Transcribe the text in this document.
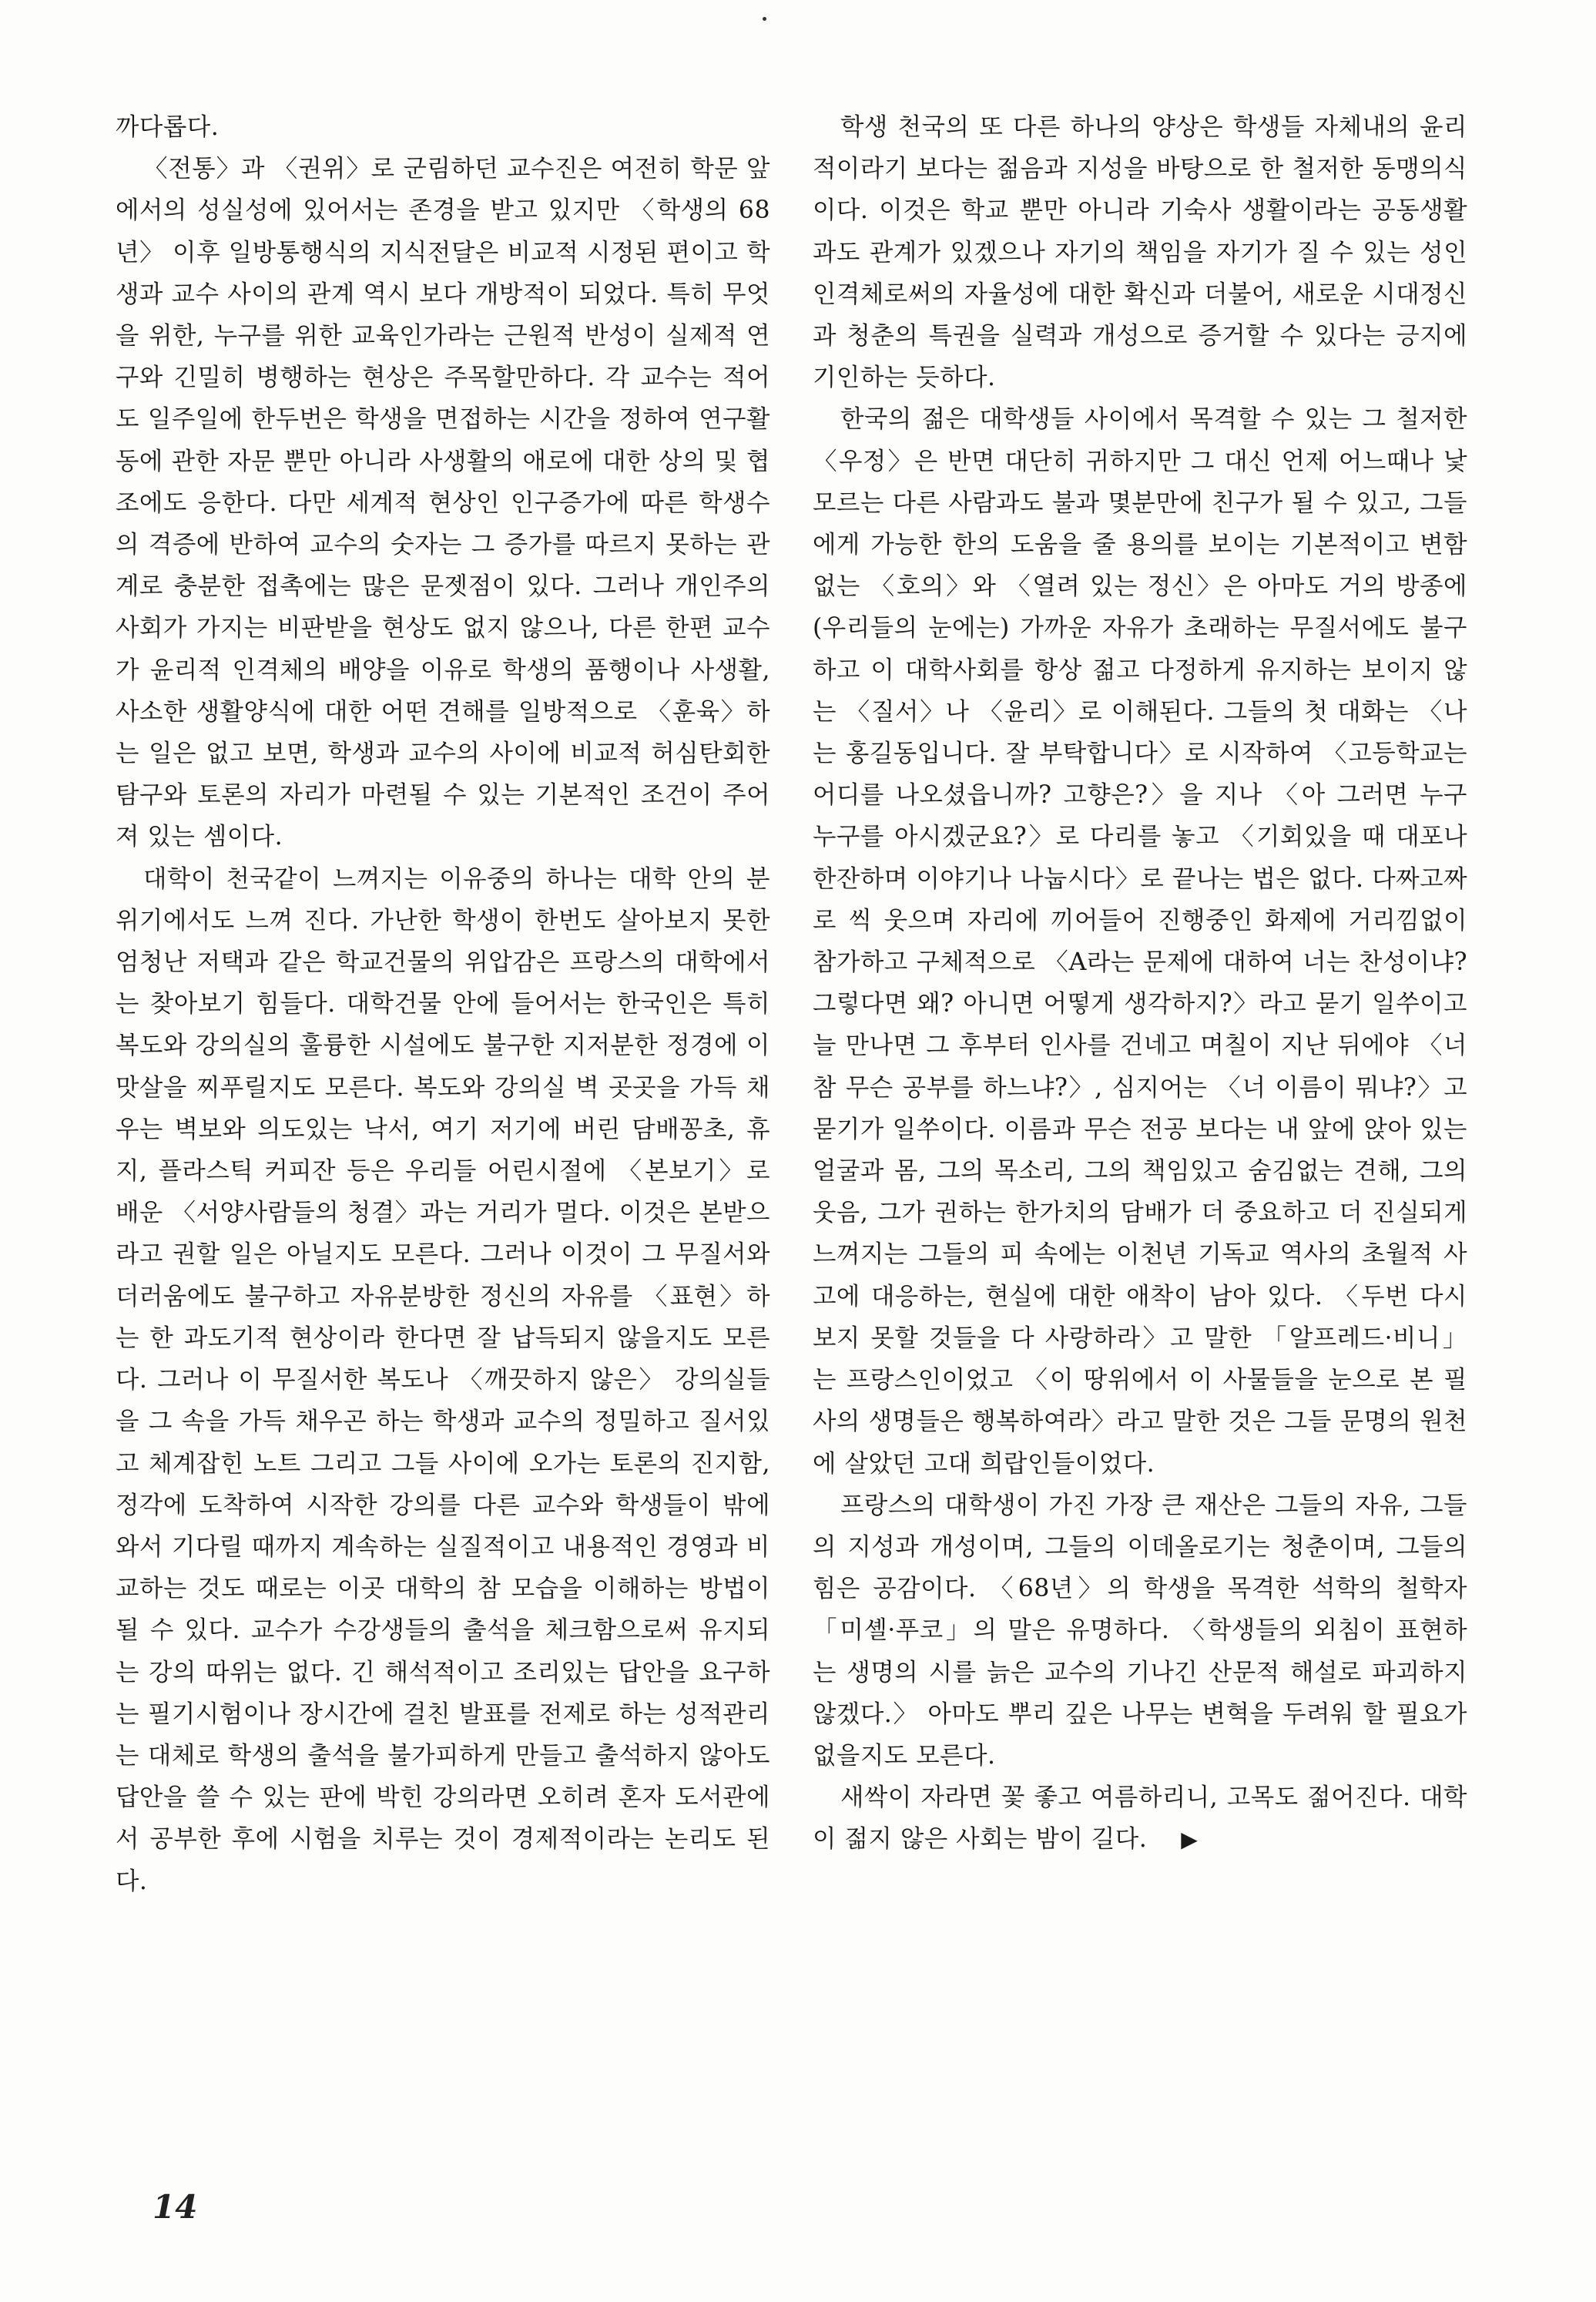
까다롭다.

〈전통〉과 〈권위〉로 군림하던 교수진은 여전히 학문 앞에서의 성실성에 있어서는 존경을 받고 있지만 〈학생의 68년〉 이후 일방통행식의 지식전달은 비교적 시정된 편이고 학생과 교수 사이의 관계 역시 보다 개방적이 되었다. 특히 무엇을 위한, 누구를 위한 교육인가라는 근원적 반성이 실제적 연구와 긴밀히 병행하는 현상은 주목할만하다. 각 교수는 적어도 일주일에 한두번은 학생을 면접하는 시간을 정하여 연구활동에 관한 자문 뿐만 아니라 사생활의 애로에 대한 상의 및 협조에도 응한다. 다만 세계적 현상인 인구증가에 따른 학생수의 격증에 반하여 교수의 숫자는 그 증가를 따르지 못하는 관계로 충분한 접촉에는 많은 문젯점이 있다. 그러나 개인주의 사회가 가지는 비판받을 현상도 없지 않으나, 다른 한편 교수가 윤리적 인격체의 배양을 이유로 학생의 품행이나 사생활, 사소한 생활양식에 대한 어떤 견해를 일방적으로 〈훈육〉하는 일은 없고 보면, 학생과 교수의 사이에 비교적 허심탄회한 탐구와 토론의 자리가 마련될 수 있는 기본적인 조건이 주어져 있는 셈이다.

대학이 천국같이 느껴지는 이유중의 하나는 대학 안의 분위기에서도 느껴 진다. 가난한 학생이 한번도 살아보지 못한 엄청난 저택과 같은 학교건물의 위압감은 프랑스의 대학에서는 찾아보기 힘들다. 대학건물 안에 들어서는 한국인은 특히 복도와 강의실의 훌륭한 시설에도 불구한 지저분한 정경에 이맛살을 찌푸릴지도 모른다. 복도와 강의실 벽 곳곳을 가득 채우는 벽보와 의도있는 낙서, 여기 저기에 버린 담배꽁초, 휴지, 플라스틱 커피잔 등은 우리들 어린시절에 〈본보기〉로 배운 〈서양사람들의 청결〉과는 거리가 멀다. 이것은 본받으라고 권할 일은 아닐지도 모른다. 그러나 이것이 그 무질서와 더러움에도 불구하고 자유분방한 정신의 자유를 〈표현〉하는 한 과도기적 현상이라 한다면 잘 납득되지 않을지도 모른다. 그러나 이 무질서한 복도나 〈깨끗하지 않은〉 강의실들을 그 속을 가득 채우곤 하는 학생과 교수의 정밀하고 질서있고 체계잡힌 노트 그리고 그들 사이에 오가는 토론의 진지함, 정각에 도착하여 시작한 강의를 다른 교수와 학생들이 밖에 와서 기다릴 때까지 계속하는 실질적이고 내용적인 경영과 비교하는 것도 때로는 이곳 대학의 참 모습을 이해하는 방법이 될 수 있다. 교수가 수강생들의 출석을 체크함으로써 유지되는 강의 따위는 없다. 긴 해석적이고 조리있는 답안을 요구하는 필기시험이나 장시간에 걸친 발표를 전제로 하는 성적관리는 대체로 학생의 출석을 불가피하게 만들고 출석하지 않아도 답안을 쓸 수 있는 판에 박힌 강의라면 오히려 혼자 도서관에서 공부한 후에 시험을 치루는 것이 경제적이라는 논리도 된다.

학생 천국의 또 다른 하나의 양상은 학생들 자체내의 윤리적이라기 보다는 젊음과 지성을 바탕으로 한 철저한 동맹의식이다. 이것은 학교 뿐만 아니라 기숙사 생활이라는 공동생활과도 관계가 있겠으나 자기의 책임을 자기가 질 수 있는 성인인격체로써의 자율성에 대한 확신과 더불어, 새로운 시대정신과 청춘의 특권을 실력과 개성으로 증거할 수 있다는 긍지에 기인하는 듯하다.

한국의 젊은 대학생들 사이에서 목격할 수 있는 그 철저한 〈우정〉은 반면 대단히 귀하지만 그 대신 언제 어느때나 낯모르는 다른 사람과도 불과 몇분만에 친구가 될 수 있고, 그들에게 가능한 한의 도움을 줄 용의를 보이는 기본적이고 변함없는 〈호의〉와 〈열려 있는 정신〉은 아마도 거의 방종에(우리들의 눈에는) 가까운 자유가 초래하는 무질서에도 불구하고 이 대학사회를 항상 젊고 다정하게 유지하는 보이지 않는 〈질서〉나 〈윤리〉로 이해된다. 그들의 첫 대화는 〈나는 홍길동입니다. 잘 부탁합니다〉로 시작하여 〈고등학교는 어디를 나오셨읍니까? 고향은?〉을 지나 〈아 그러면 누구 누구를 아시겠군요?〉로 다리를 놓고 〈기회있을 때 대포나 한잔하며 이야기나 나눕시다〉로 끝나는 법은 없다. 다짜고짜로 씩 웃으며 자리에 끼어들어 진행중인 화제에 거리낌없이 참가하고 구체적으로 〈A라는 문제에 대하여 너는 찬성이냐? 그렇다면 왜? 아니면 어떻게 생각하지?〉라고 묻기 일쑤이고 늘 만나면 그 후부터 인사를 건네고 며칠이 지난 뒤에야 〈너 참 무슨 공부를 하느냐?〉, 심지어는 〈너 이름이 뭐냐?〉고 묻기가 일쑤이다. 이름과 무슨 전공 보다는 내 앞에 앉아 있는 얼굴과 몸, 그의 목소리, 그의 책임있고 숨김없는 견해, 그의 웃음, 그가 권하는 한가치의 담배가 더 중요하고 더 진실되게 느껴지는 그들의 피 속에는 이천년 기독교 역사의 초월적 사고에 대응하는, 현실에 대한 애착이 남아 있다. 〈두번 다시 보지 못할 것들을 다 사랑하라〉고 말한 「알프레드·비니」는 프랑스인이었고 〈이 땅위에서 이 사물들을 눈으로 본 필사의 생명들은 행복하여라〉라고 말한 것은 그들 문명의 원천에 살았던 고대 희랍인들이었다.

프랑스의 대학생이 가진 가장 큰 재산은 그들의 자유, 그들의 지성과 개성이며, 그들의 이데올로기는 청춘이며, 그들의 힘은 공감이다. 〈68년〉의 학생을 목격한 석학의 철학자 「미셸·푸코」의 말은 유명하다. 〈학생들의 외침이 표현하는 생명의 시를 늙은 교수의 기나긴 산문적 해설로 파괴하지 않겠다.〉 아마도 뿌리 깊은 나무는 변혁을 두려워 할 필요가 없을지도 모른다.

새싹이 자라면 꽃 좋고 여름하리니, 고목도 젊어진다. 대학이 젊지 않은 사회는 밤이 길다. ▶

14
